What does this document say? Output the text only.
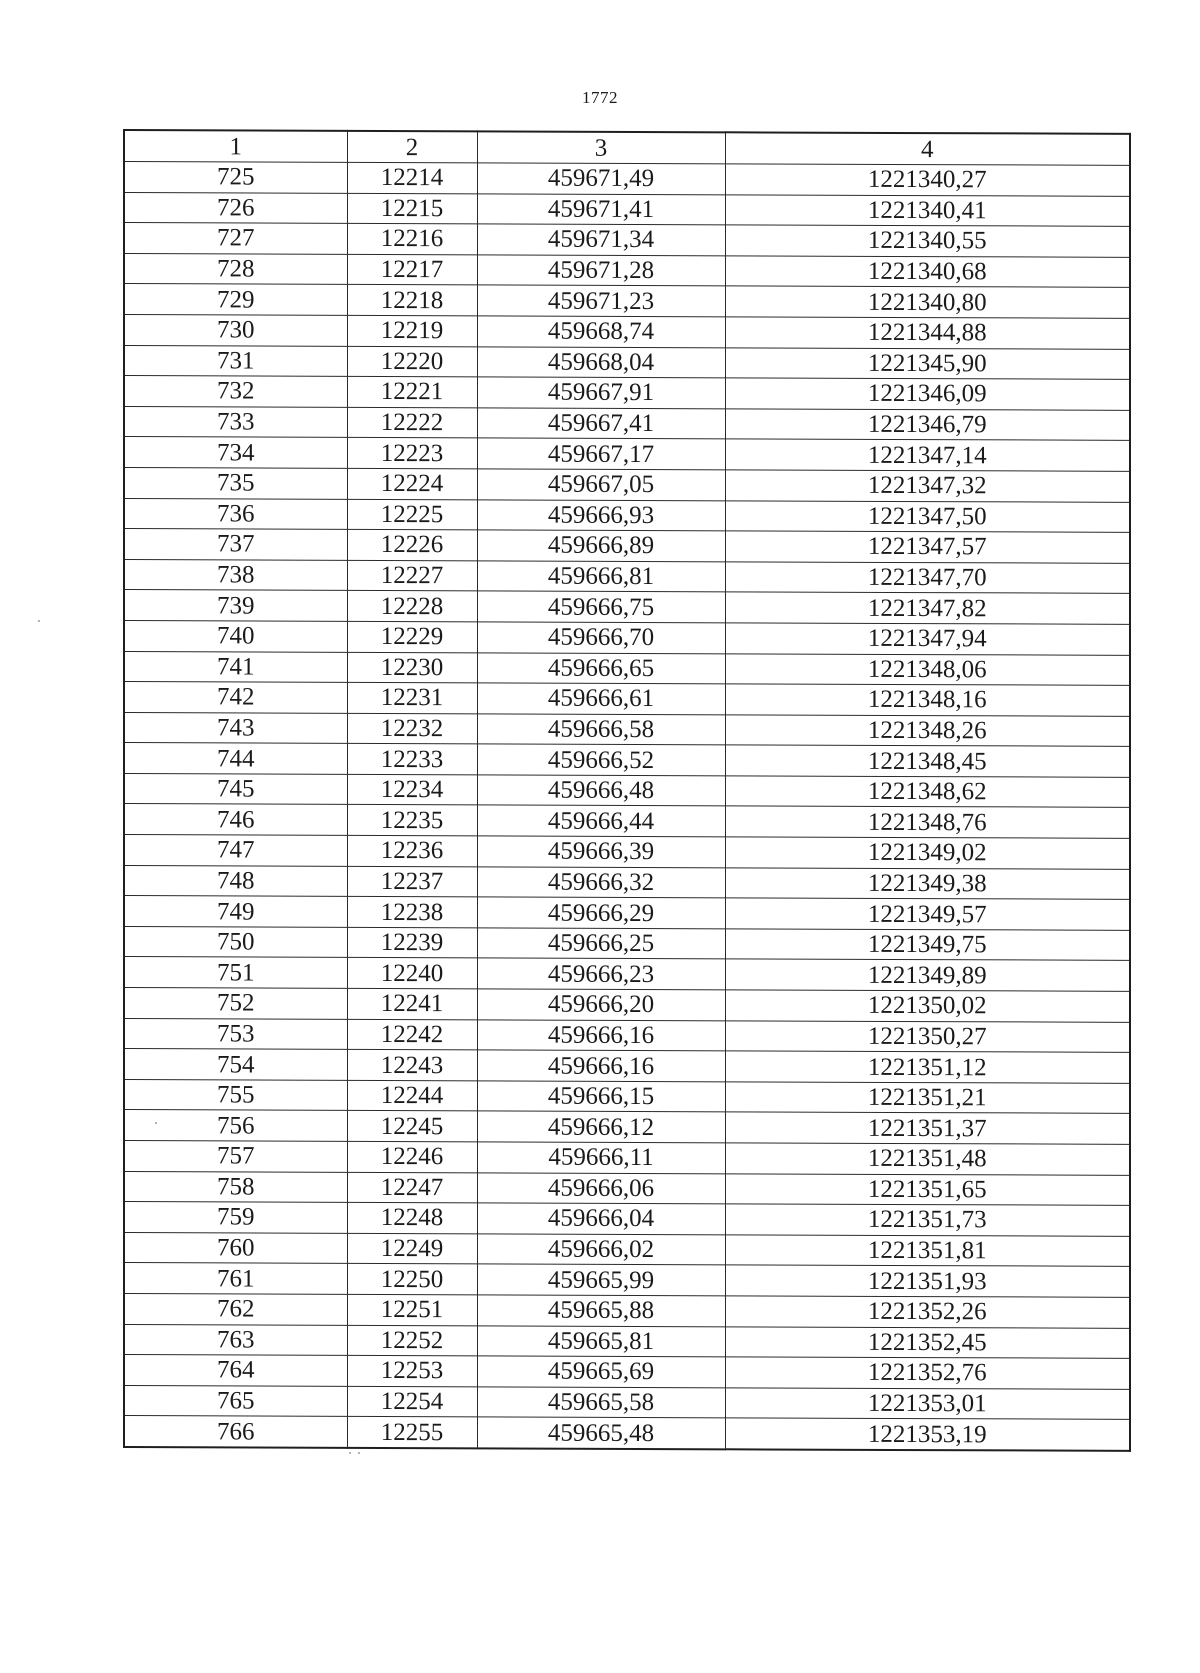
1772
1	2	3	4
725	12214	459671,49	1221340,27
726	12215	459671,41	1221340,41
727	12216	459671,34	1221340,55
728	12217	459671,28	1221340,68
729	12218	459671,23	1221340,80
730	12219	459668,74	1221344,88
731	12220	459668,04	1221345,90
732	12221	459667,91	1221346,09
733	12222	459667,41	1221346,79
734	12223	459667,17	1221347,14
735	12224	459667,05	1221347,32
736	12225	459666,93	1221347,50
737	12226	459666,89	1221347,57
738	12227	459666,81	1221347,70
739	12228	459666,75	1221347,82
740	12229	459666,70	1221347,94
741	12230	459666,65	1221348,06
742	12231	459666,61	1221348,16
743	12232	459666,58	1221348,26
744	12233	459666,52	1221348,45
745	12234	459666,48	1221348,62
746	12235	459666,44	1221348,76
747	12236	459666,39	1221349,02
748	12237	459666,32	1221349,38
749	12238	459666,29	1221349,57
750	12239	459666,25	1221349,75
751	12240	459666,23	1221349,89
752	12241	459666,20	1221350,02
753	12242	459666,16	1221350,27
754	12243	459666,16	1221351,12
755	12244	459666,15	1221351,21
756	12245	459666,12	1221351,37
757	12246	459666,11	1221351,48
758	12247	459666,06	1221351,65
759	12248	459666,04	1221351,73
760	12249	459666,02	1221351,81
761	12250	459665,99	1221351,93
762	12251	459665,88	1221352,26
763	12252	459665,81	1221352,45
764	12253	459665,69	1221352,76
765	12254	459665,58	1221353,01
766	12255	459665,48	1221353,19
